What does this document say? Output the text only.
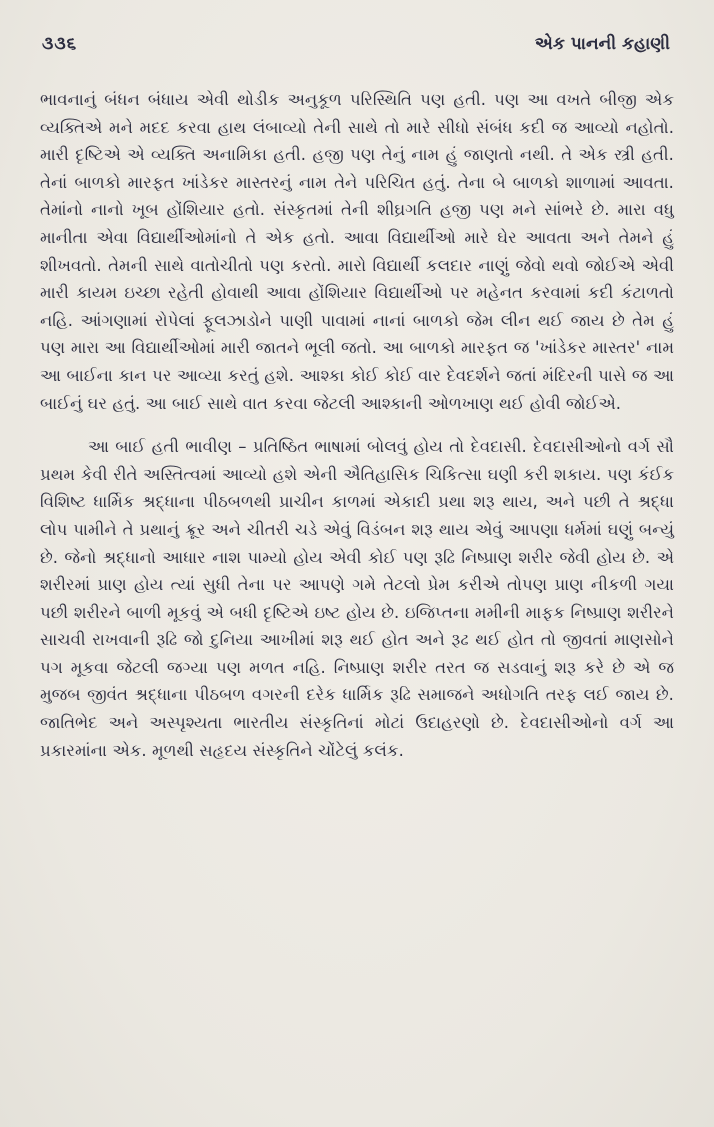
૩૩૬	એક પાનની કહાણી

ભાવનાનું બંધન બંધાય એવી થોડીક અનુકૂળ પરિસ્થિતિ પણ હતી. પણ આ વખતે બીજી એક વ્યક્તિએ મને મદદ કરવા હાથ લંબાવ્યો તેની સાથે તો મારે સીધો સંબંધ કદી જ આવ્યો નહોતો. મારી દૃષ્ટિએ એ વ્યક્તિ અનામિકા હતી. હજી પણ તેનું નામ હું જાણતો નથી. તે એક સ્ત્રી હતી. તેનાં બાળકો મારફત ખાંડેકર માસ્તરનું નામ તેને પરિચિત હતું. તેના બે બાળકો શાળામાં આવતા. તેમાંનો નાનો ખૂબ હોંશિયાર હતો. સંસ્કૃતમાં તેની શીઘ્રગતિ હજી પણ મને સાંભરે છે. મારા વધુ માનીતા એવા વિદ્યાર્થીઓમાંનો તે એક હતો. આવા વિદ્યાર્થીઓ મારે ઘેર આવતા અને તેમને હું શીખવતો. તેમની સાથે વાતોચીતો પણ કરતો. મારો વિદ્યાર્થી કલદાર નાણું જેવો થવો જોઈએ એવી મારી કાયમ ઇચ્છા રહેતી હોવાથી આવા હોંશિયાર વિદ્યાર્થીઓ પર મહેનત કરવામાં કદી કંટાળતો નહિ. આંગણામાં રોપેલાં ફૂલઝાડોને પાણી પાવામાં નાનાં બાળકો જેમ લીન થઈ જાય છે તેમ હું પણ મારા આ વિદ્યાર્થીઓમાં મારી જાતને ભૂલી જતો. આ બાળકો મારફત જ 'ખાંડેકર માસ્તર' નામ આ બાઈના કાન પર આવ્યા કરતું હશે. આશ્કા કોઈ કોઈ વાર દેવદર્શને જતાં મંદિરની પાસે જ આ બાઈનું ઘર હતું. આ બાઈ સાથે વાત કરવા જેટલી આશ્કાની ઓળખાણ થઈ હોવી જોઈએ.

આ બાઈ હતી ભાવીણ – પ્રતિષ્ઠિત ભાષામાં બોલવું હોય તો દેવદાસી. દેવદાસીઓનો વર્ગ સૌ પ્રથમ કેવી રીતે અસ્તિત્વમાં આવ્યો હશે એની ઐતિહાસિક ચિકિત્સા ઘણી કરી શકાય. પણ કંઈક વિશિષ્ટ ધાર્મિક શ્રદ્ધાના પીઠબળથી પ્રાચીન કાળમાં એકાદી પ્રથા શરૂ થાય, અને પછી તે શ્રદ્ધા લોપ પામીને તે પ્રથાનું ક્રૂર અને ચીતરી ચડે એવું વિડંબન શરૂ થાય એવું આપણા ધર્મમાં ઘણું બન્યું છે. જેનો શ્રદ્ધાનો આધાર નાશ પામ્યો હોય એવી કોઈ પણ રૂઢિ નિષ્પ્રાણ શરીર જેવી હોય છે. એ શરીરમાં પ્રાણ હોય ત્યાં સુધી તેના પર આપણે ગમે તેટલો પ્રેમ કરીએ તોપણ પ્રાણ નીકળી ગયા પછી શરીરને બાળી મૂકવું એ બધી દૃષ્ટિએ ઇષ્ટ હોય છે. ઇજિપ્તના મમીની માફક નિષ્પ્રાણ શરીરને સાચવી રાખવાની રૂઢિ જો દુનિયા આખીમાં શરૂ થઈ હોત અને રૂઢ થઈ હોત તો જીવતાં માણસોને પગ મૂકવા જેટલી જગ્યા પણ મળત નહિ. નિષ્પ્રાણ શરીર તરત જ સડવાનું શરૂ કરે છે એ જ મુજબ જીવંત શ્રદ્ધાના પીઠબળ વગરની દરેક ધાર્મિક રૂઢિ સમાજને અધોગતિ તરફ લઈ જાય છે. જાતિભેદ અને અસ્પૃશ્યતા ભારતીય સંસ્કૃતિનાં મોટાં ઉદાહરણો છે. દેવદાસીઓનો વર્ગ આ પ્રકારમાંના એક. મૂળથી સહૃદય સંસ્કૃતિને ચોંટેલું કલંક.
